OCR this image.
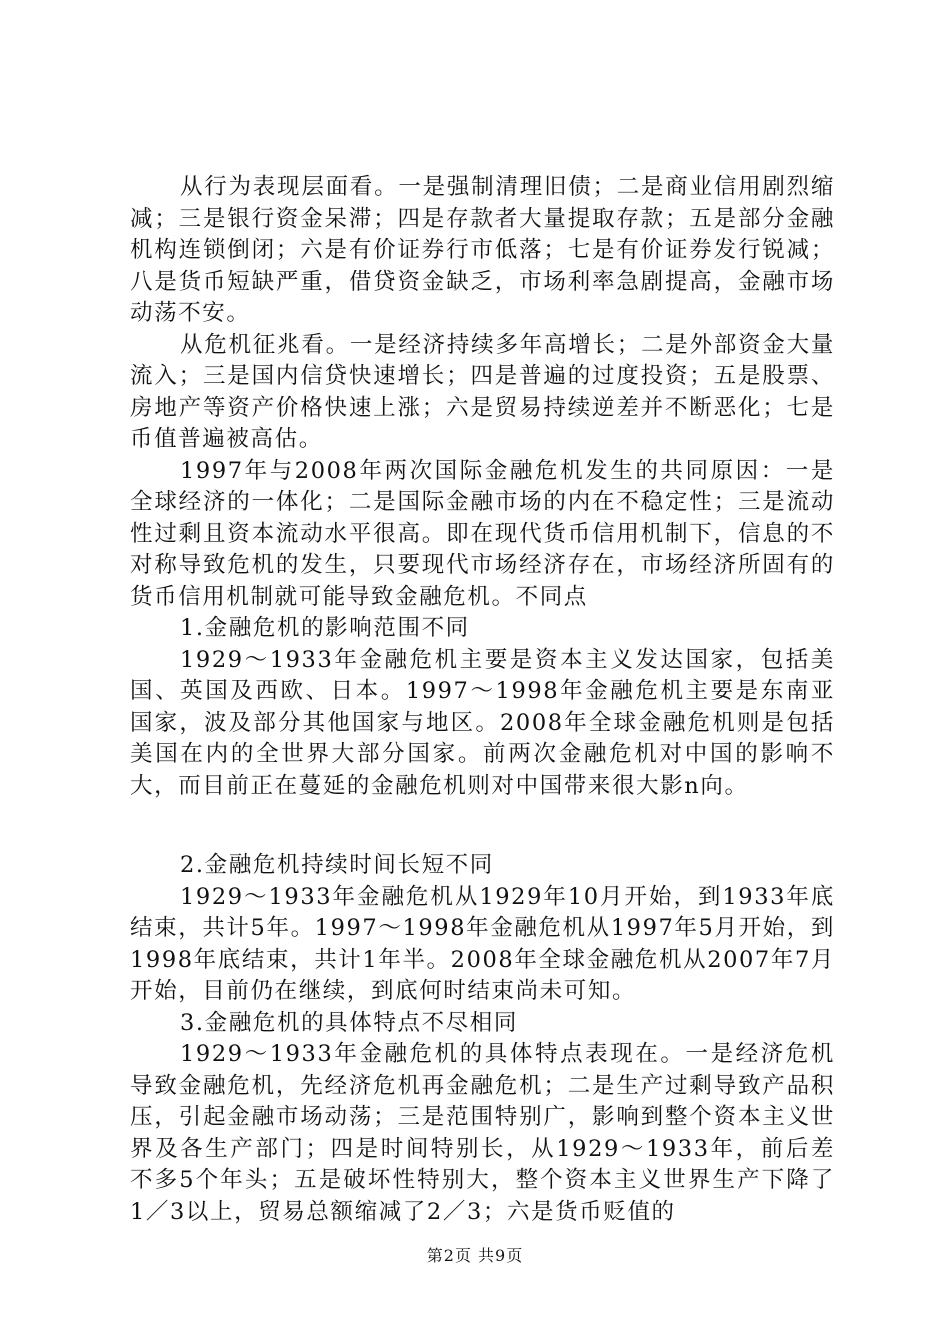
从行为表现层面看。一是强制清理旧债；二是商业信用剧烈缩减；三是银行资金呆滞；四是存款者大量提取存款；五是部分金融机构连锁倒闭；六是有价证券行市低落；七是有价证券发行锐减；八是货币短缺严重，借贷资金缺乏，市场利率急剧提高，金融市场动荡不安。

从危机征兆看。一是经济持续多年高增长；二是外部资金大量流入；三是国内信贷快速增长；四是普遍的过度投资；五是股票、房地产等资产价格快速上涨；六是贸易持续逆差并不断恶化；七是币值普遍被高估。

1997年与2008年两次国际金融危机发生的共同原因：一是全球经济的一体化；二是国际金融市场的内在不稳定性；三是流动性过剩且资本流动水平很高。即在现代货币信用机制下，信息的不对称导致危机的发生，只要现代市场经济存在，市场经济所固有的货币信用机制就可能导致金融危机。不同点

1.金融危机的影响范围不同

1929～1933年金融危机主要是资本主义发达国家，包括美国、英国及西欧、日本。1997～1998年金融危机主要是东南亚国家，波及部分其他国家与地区。2008年全球金融危机则是包括美国在内的全世界大部分国家。前两次金融危机对中国的影响不大，而目前正在蔓延的金融危机则对中国带来很大影n向。

2.金融危机持续时间长短不同

1929～1933年金融危机从1929年10月开始，到1933年底结束，共计5年。1997～1998年金融危机从1997年5月开始，到1998年底结束，共计1年半。2008年全球金融危机从2007年7月开始，目前仍在继续，到底何时结束尚未可知。

3.金融危机的具体特点不尽相同

1929～1933年金融危机的具体特点表现在。一是经济危机导致金融危机，先经济危机再金融危机；二是生产过剩导致产品积压，引起金融市场动荡；三是范围特别广，影响到整个资本主义世界及各生产部门；四是时间特别长，从1929～1933年，前后差不多5个年头；五是破坏性特别大，整个资本主义世界生产下降了1／3以上，贸易总额缩减了2／3；六是货币贬值的

第2页 共9页
